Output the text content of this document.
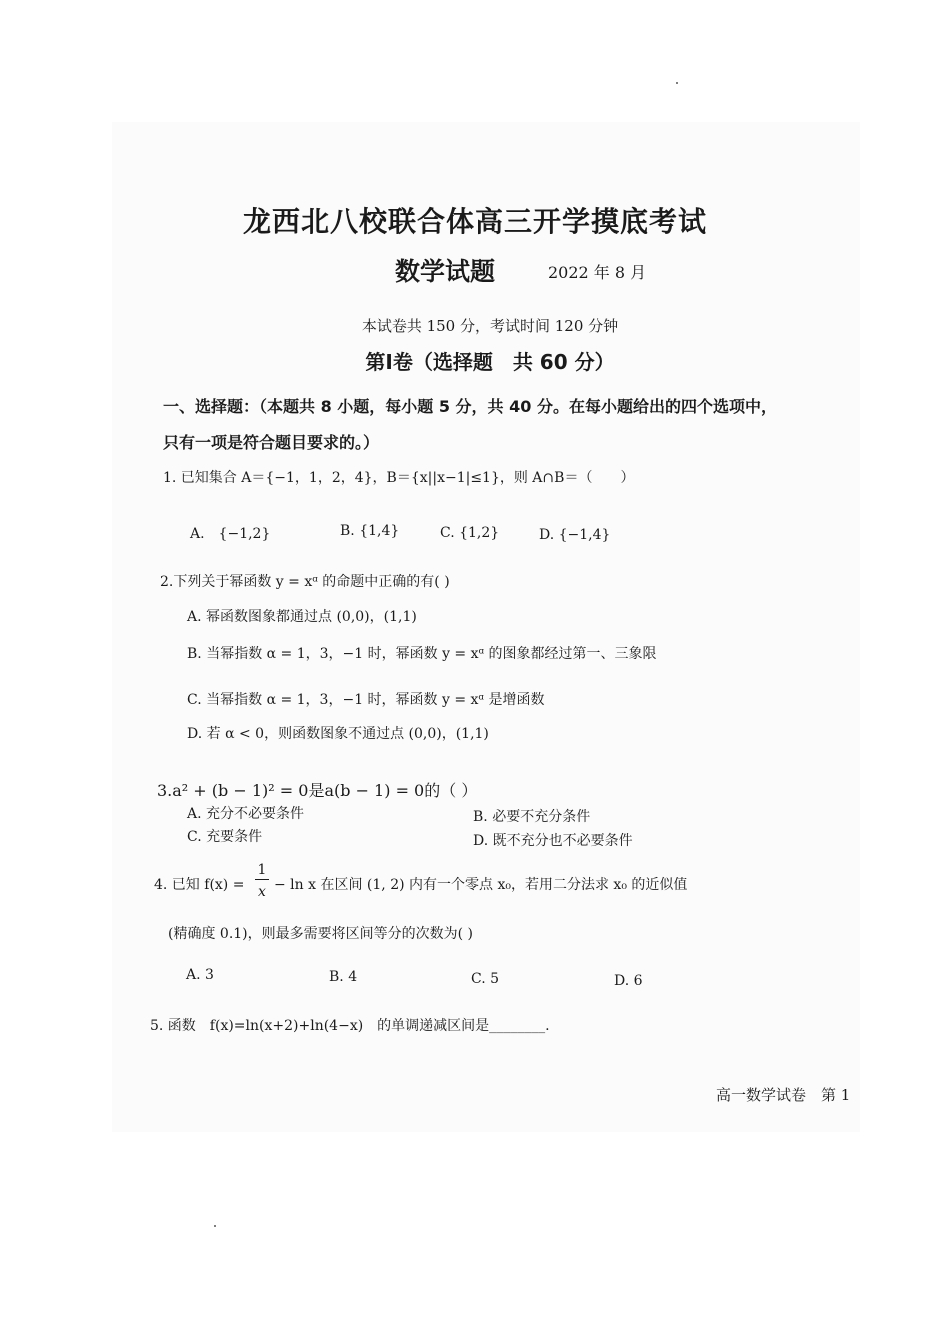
龙西北八校联合体高三开学摸底考试
数学试题	2022 年 8 月
本试卷共 150 分，考试时间 120 分钟
第Ⅰ卷（选择题　共 60 分）
一、选择题：（本题共 8 小题，每小题 5 分，共 40 分。在每小题给出的四个选项中，
只有一项是符合题目要求的。）
1. 已知集合 A＝{−1，1，2，4}，B＝{x||x−1|≤1}，则 A∩B＝（　　）
A.　{−1,2}	B. {1,4}	C. {1,2}	D. {−1,4}
2.下列关于幂函数 y = xᵅ 的命题中正确的有( )
A. 幂函数图象都通过点 (0,0)，(1,1)
B. 当幂指数 α = 1，3，−1 时，幂函数 y = xᵅ 的图象都经过第一、三象限
C. 当幂指数 α = 1，3，−1 时，幂函数 y = xᵅ 是增函数
D. 若 α < 0，则函数图象不通过点 (0,0)，(1,1)
3.a² + (b − 1)² = 0是a(b − 1) = 0的（ ）
A. 充分不必要条件	B. 必要不充分条件
C. 充要条件	D. 既不充分也不必要条件
4. 已知 f(x) =
1
x − ln x 在区间 (1, 2) 内有一个零点 x₀，若用二分法求 x₀ 的近似值
(精确度 0.1)，则最多需要将区间等分的次数为( )
A. 3	B. 4	C. 5	D. 6
5. 函数　f(x)=ln(x+2)+ln(4−x)　的单调递减区间是________.
高一数学试卷　第 1
